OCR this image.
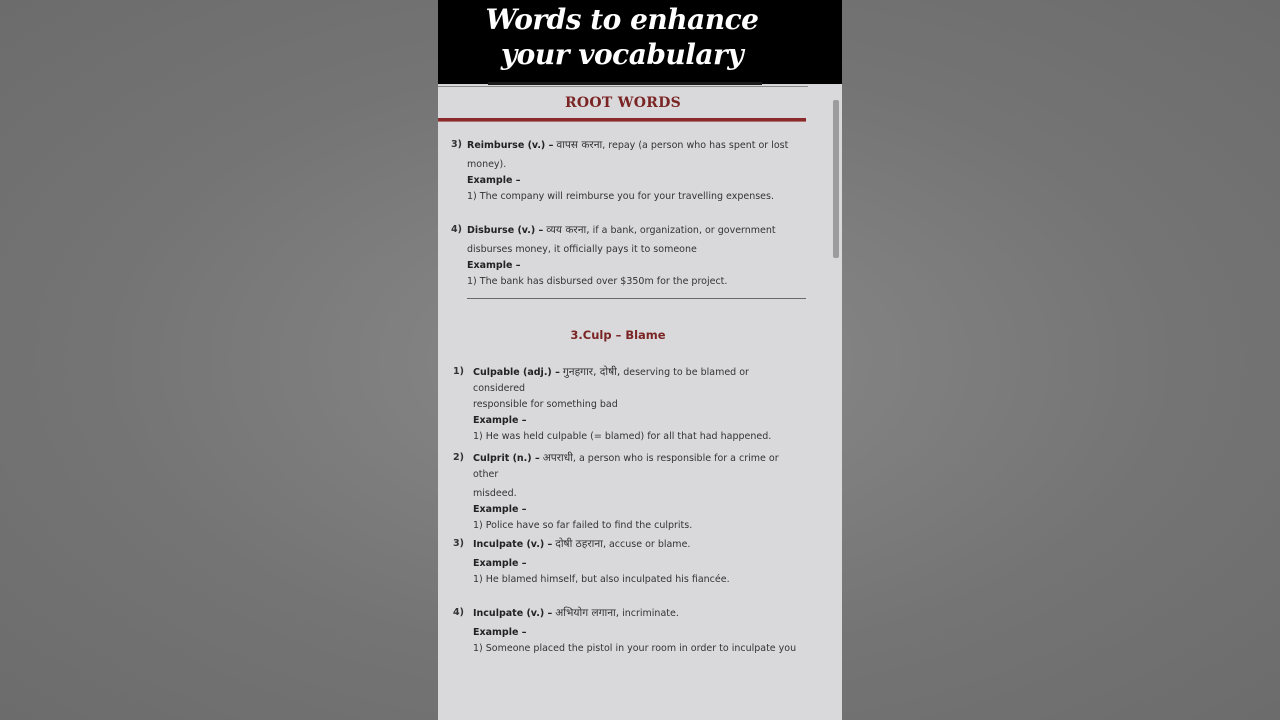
Words to enhance
your vocabulary
ROOT WORDS
3) Reimburse (v.) – वापस करना, repay (a person who has spent or lost
money).
Example –
1) The company will reimburse you for your travelling expenses.
4) Disburse (v.) – व्यय करना, if a bank, organization, or government
disburses money, it officially pays it to someone
Example –
1) The bank has disbursed over $350m for the project.
3.Culp – Blame
1) Culpable (adj.) – गुनहगार, दोषी, deserving to be blamed or considered
responsible for something bad
Example –
1) He was held culpable (= blamed) for all that had happened.
2) Culprit (n.) – अपराधी, a person who is responsible for a crime or other
misdeed.
Example –
1) Police have so far failed to find the culprits.
3) Inculpate (v.) – दोषी ठहराना, accuse or blame.
Example –
1) He blamed himself, but also inculpated his fiancée.
4) Inculpate (v.) – अभियोग लगाना, incriminate.
Example –
1) Someone placed the pistol in your room in order to inculpate you
